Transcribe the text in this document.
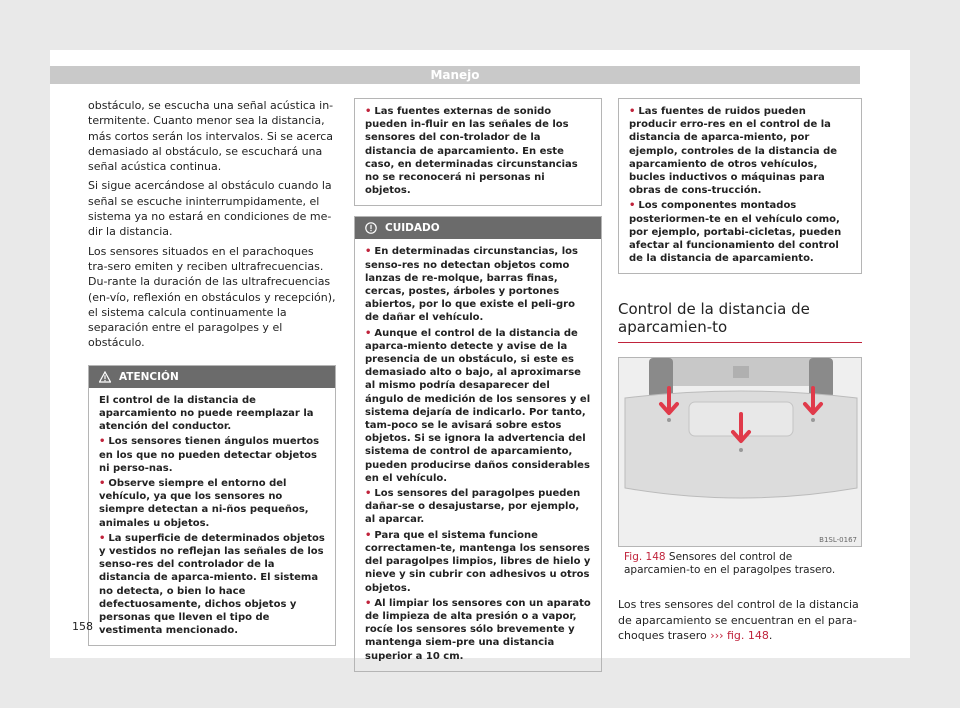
Manejo

obstáculo, se escucha una señal acústica in-termitente. Cuanto menor sea la distancia, más cortos serán los intervalos. Si se acerca demasiado al obstáculo, se escuchará una señal acústica continua.

Si sigue acercándose al obstáculo cuando la señal se escuche ininterrumpidamente, el sistema ya no estará en condiciones de me-dir la distancia.

Los sensores situados en el parachoques tra-sero emiten y reciben ultrafrecuencias. Du-rante la duración de las ultrafrecuencias (en-vío, reflexión en obstáculos y recepción), el sistema calcula continuamente la separación entre el paragolpes y el obstáculo.

ATENCIÓN

El control de la distancia de aparcamiento no puede reemplazar la atención del conductor.

• Los sensores tienen ángulos muertos en los que no pueden detectar objetos ni perso-nas.

• Observe siempre el entorno del vehículo, ya que los sensores no siempre detectan a ni-ños pequeños, animales u objetos.

• La superficie de determinados objetos y vestidos no reflejan las señales de los senso-res del controlador de la distancia de aparca-miento. El sistema no detecta, o bien lo hace defectuosamente, dichos objetos y personas que lleven el tipo de vestimenta mencionado.

• Las fuentes externas de sonido pueden in-fluir en las señales de los sensores del con-trolador de la distancia de aparcamiento. En este caso, en determinadas circunstancias no se reconocerá ni personas ni objetos.

CUIDADO

• En determinadas circunstancias, los senso-res no detectan objetos como lanzas de re-molque, barras finas, cercas, postes, árboles y portones abiertos, por lo que existe el peli-gro de dañar el vehículo.

• Aunque el control de la distancia de aparca-miento detecte y avise de la presencia de un obstáculo, si este es demasiado alto o bajo, al aproximarse al mismo podría desaparecer del ángulo de medición de los sensores y el sistema dejaría de indicarlo. Por tanto, tam-poco se le avisará sobre estos objetos. Si se ignora la advertencia del sistema de control de aparcamiento, pueden producirse daños considerables en el vehículo.

• Los sensores del paragolpes pueden dañar-se o desajustarse, por ejemplo, al aparcar.

• Para que el sistema funcione correctamen-te, mantenga los sensores del paragolpes limpios, libres de hielo y nieve y sin cubrir con adhesivos u otros objetos.

• Al limpiar los sensores con un aparato de limpieza de alta presión o a vapor, rocíe los sensores sólo brevemente y mantenga siem-pre una distancia superior a 10 cm.

• Las fuentes de ruidos pueden producir erro-res en el control de la distancia de aparca-miento, por ejemplo, controles de la distancia de aparcamiento de otros vehículos, bucles inductivos o máquinas para obras de cons-trucción.

• Los componentes montados posteriormen-te en el vehículo como, por ejemplo, portabi-cicletas, pueden afectar al funcionamiento del control de la distancia de aparcamiento.

Control de la distancia de aparcamien-to
B1SL-0167

Fig. 148 Sensores del control de aparcamien-to en el paragolpes trasero.

Los tres sensores del control de la distancia de aparcamiento se encuentran en el para-choques trasero ››› fig. 148.

158
